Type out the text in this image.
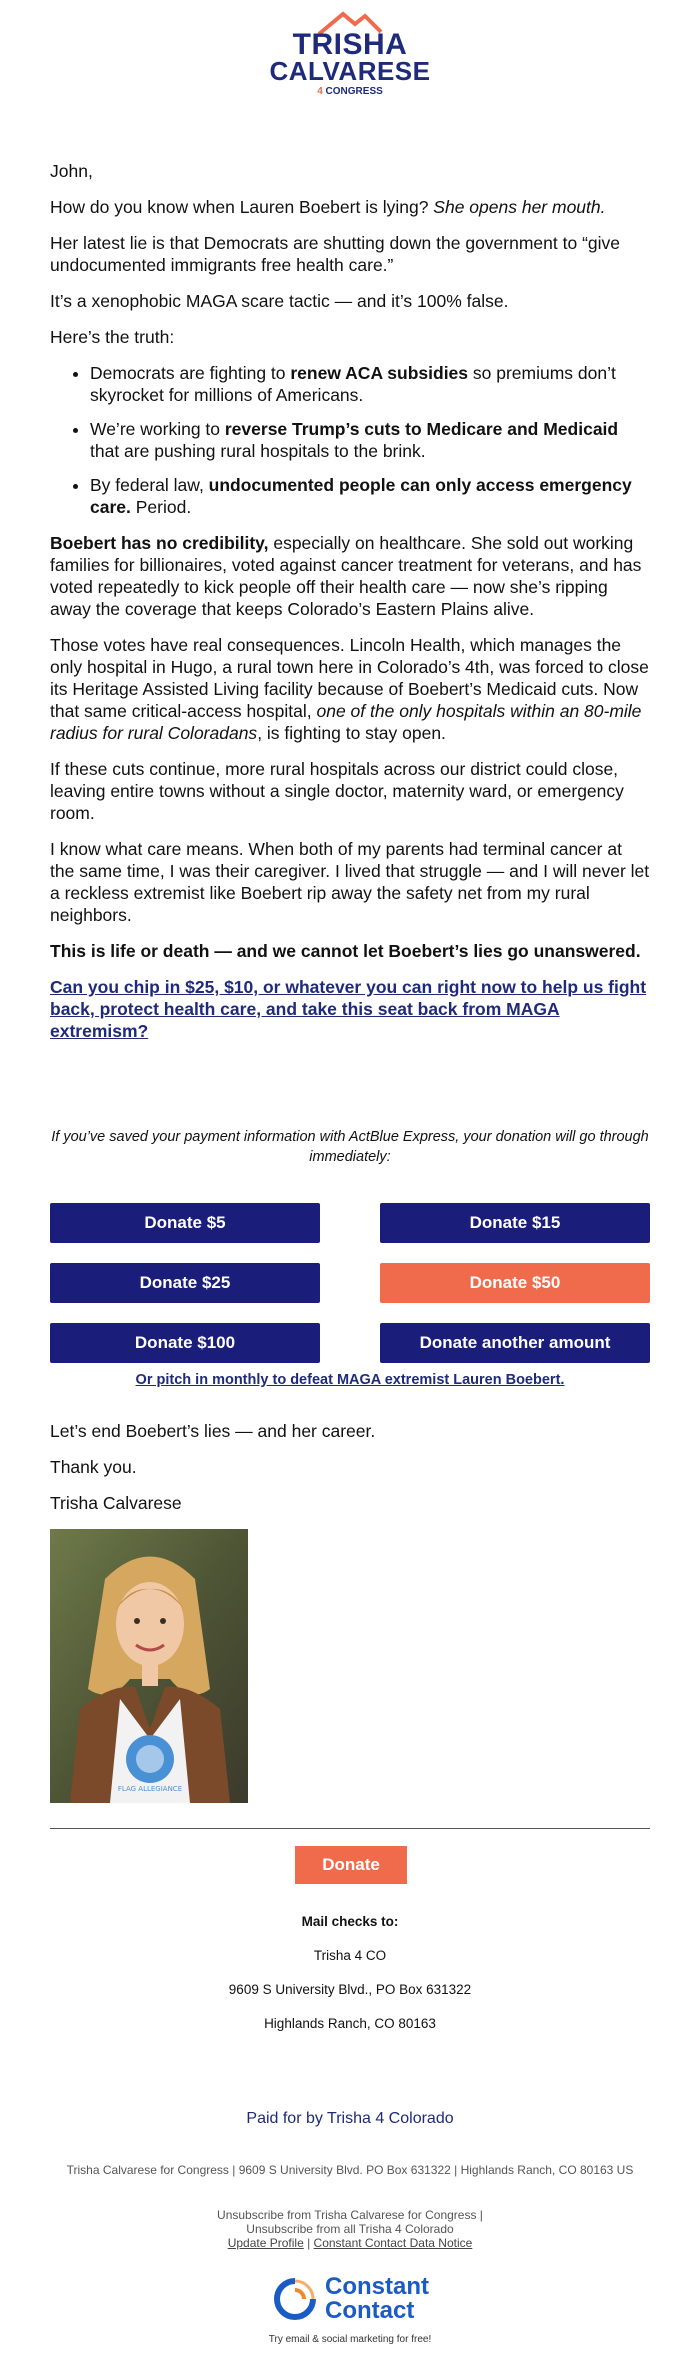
TRISHA
CALVARESE
4 CONGRESS

John,

How do you know when Lauren Boebert is lying? She opens her mouth.

Her latest lie is that Democrats are shutting down the government to “give undocumented immigrants free health care.”

It’s a xenophobic MAGA scare tactic — and it’s 100% false.

Here’s the truth:

• Democrats are fighting to renew ACA subsidies so premiums don’t skyrocket for millions of Americans.
• We’re working to reverse Trump’s cuts to Medicare and Medicaid that are pushing rural hospitals to the brink.
• By federal law, undocumented people can only access emergency care. Period.

Boebert has no credibility, especially on healthcare. She sold out working families for billionaires, voted against cancer treatment for veterans, and has voted repeatedly to kick people off their health care — now she’s ripping away the coverage that keeps Colorado’s Eastern Plains alive.

Those votes have real consequences. Lincoln Health, which manages the only hospital in Hugo, a rural town here in Colorado’s 4th, was forced to close its Heritage Assisted Living facility because of Boebert’s Medicaid cuts. Now that same critical-access hospital, one of the only hospitals within an 80-mile radius for rural Coloradans, is fighting to stay open.

If these cuts continue, more rural hospitals across our district could close, leaving entire towns without a single doctor, maternity ward, or emergency room.

I know what care means. When both of my parents had terminal cancer at the same time, I was their caregiver. I lived that struggle — and I will never let a reckless extremist like Boebert rip away the safety net from my rural neighbors.

This is life or death — and we cannot let Boebert’s lies go unanswered.

Can you chip in $25, $10, or whatever you can right now to help us fight back, protect health care, and take this seat back from MAGA extremism?

If you’ve saved your payment information with ActBlue Express, your donation will go through immediately:
Donate $5	Donate $15
Donate $25	Donate $50
Donate $100	Donate another amount
Or pitch in monthly to defeat MAGA extremist Lauren Boebert.
Let’s end Boebert’s lies — and her career.
Thank you.
Trisha Calvarese
FLAG ALLEGIANCE
Donate
Mail checks to:
Trisha 4 CO
9609 S University Blvd., PO Box 631322
Highlands Ranch, CO 80163
Paid for by Trisha 4 Colorado
Trisha Calvarese for Congress | 9609 S University Blvd. PO Box 631322 | Highlands Ranch, CO 80163 US
Unsubscribe from Trisha Calvarese for Congress |
Unsubscribe from all Trisha 4 Colorado
Update Profile | Constant Contact Data Notice
Constant
Contact
Try email & social marketing for free!
